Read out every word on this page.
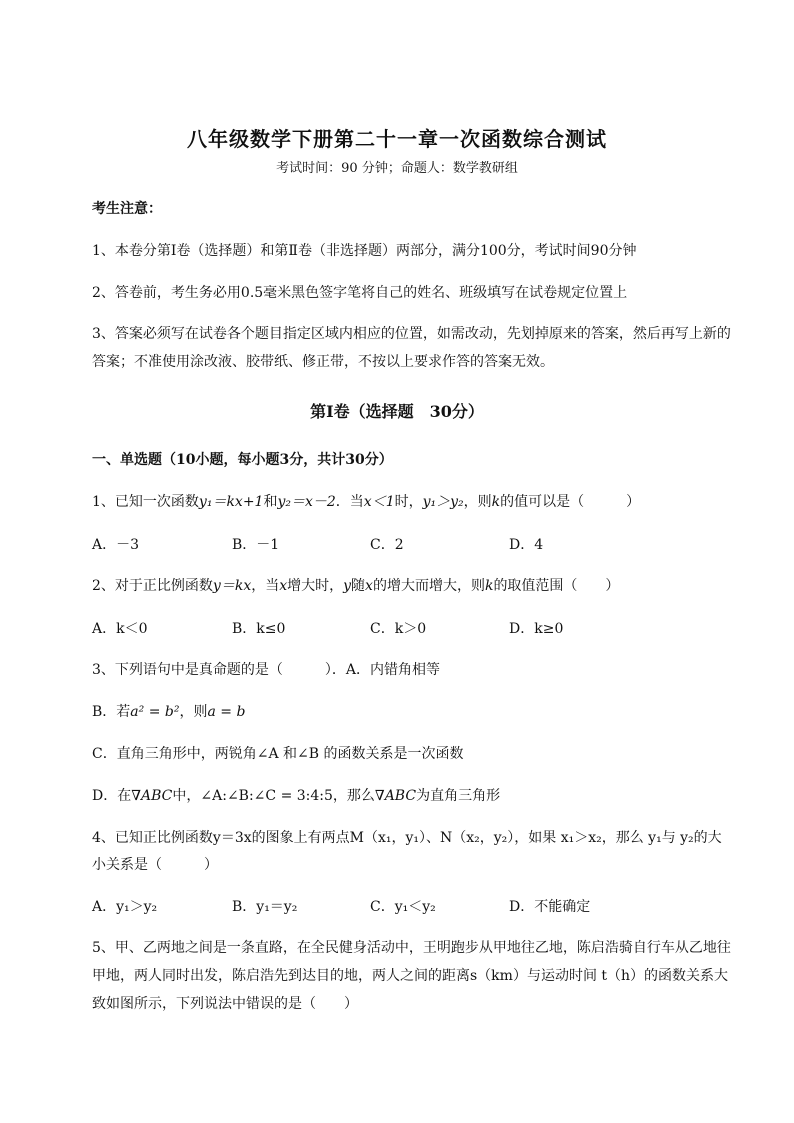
八年级数学下册第二十一章一次函数综合测试
考试时间：90 分钟；命题人：数学教研组
考生注意：
1、本卷分第Ⅰ卷（选择题）和第Ⅱ卷（非选择题）两部分，满分100分，考试时间90分钟
2、答卷前，考生务必用0.5毫米黑色签字笔将自己的姓名、班级填写在试卷规定位置上
3、答案必须写在试卷各个题目指定区域内相应的位置，如需改动，先划掉原来的答案，然后再写上新的答案；不准使用涂改液、胶带纸、修正带，不按以上要求作答的答案无效。
第Ⅰ卷（选择题　30分）
一、单选题（10小题，每小题3分，共计30分）
1、已知一次函数y₁＝kx+1和y₂＝x－2．当x＜1时，y₁＞y₂，则k的值可以是（　　　）
A．－3	B．－1	C．2	D．4
2、对于正比例函数y＝kx，当x增大时，y随x的增大而增大，则k的取值范围（　　）
A．k＜0	B．k≤0	C．k＞0	D．k≥0
3、下列语句中是真命题的是（　　　）．A．内错角相等
B．若a² = b²，则a = b
C．直角三角形中，两锐角∠A 和∠B 的函数关系是一次函数
D．在∇ABC中，∠A:∠B:∠C = 3:4:5，那么∇ABC为直角三角形
4、已知正比例函数y＝3x的图象上有两点M（x₁，y₁）、N（x₂，y₂），如果 x₁＞x₂，那么 y₁与 y₂的大
小关系是（　　　）
A．y₁＞y₂	B．y₁＝y₂	C．y₁＜y₂	D．不能确定
5、甲、乙两地之间是一条直路，在全民健身活动中，王明跑步从甲地往乙地，陈启浩骑自行车从乙地往甲地，两人同时出发，陈启浩先到达目的地，两人之间的距离s（km）与运动时间 t（h）的函数关系大致如图所示，下列说法中错误的是（　　）
